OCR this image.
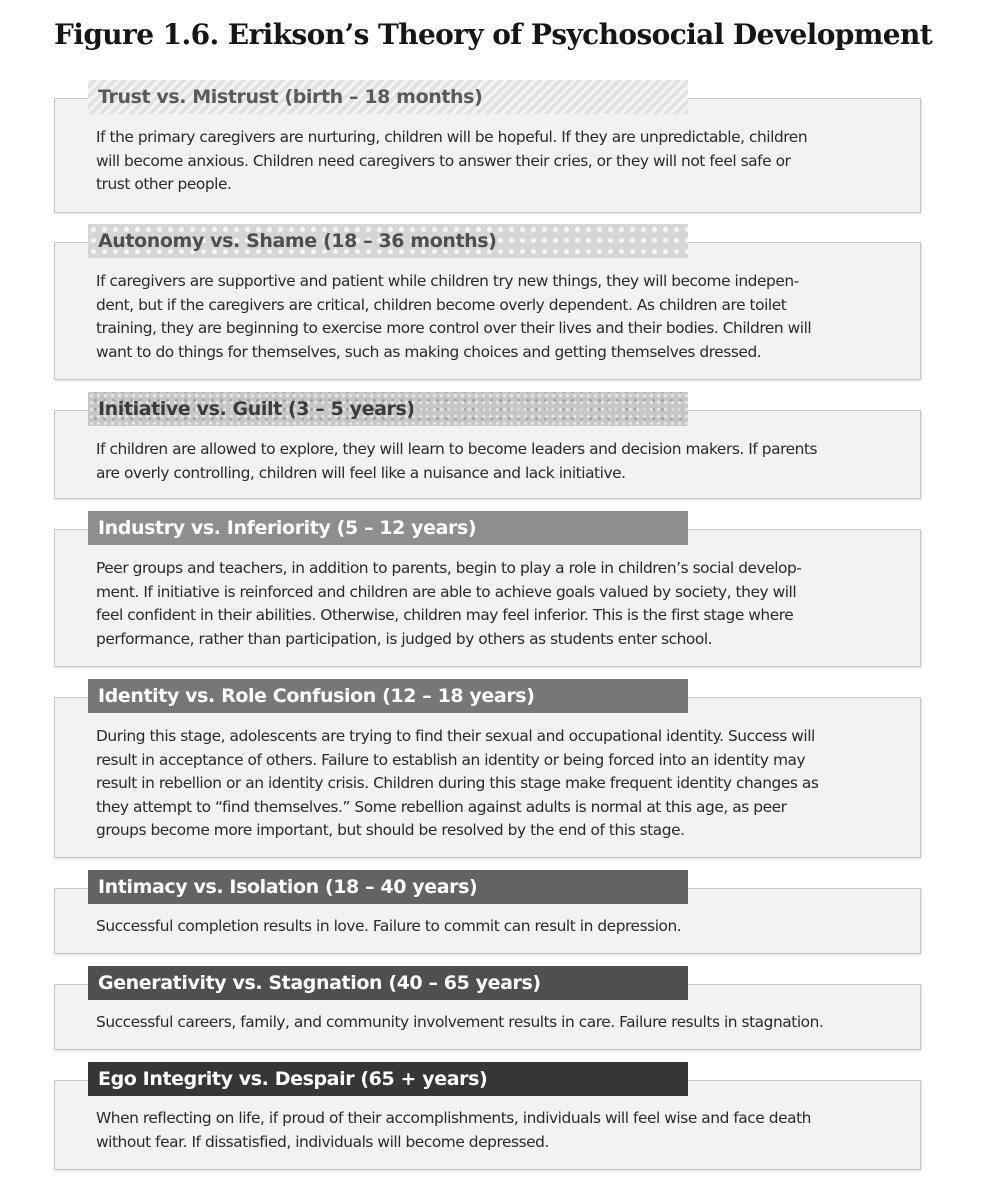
Figure 1.6. Erikson’s Theory of Psychosocial Development
Trust vs. Mistrust (birth – 18 months)
If the primary caregivers are nurturing, children will be hopeful. If they are unpredictable, children
will become anxious. Children need caregivers to answer their cries, or they will not feel safe or
trust other people.
Autonomy vs. Shame (18 – 36 months)
If caregivers are supportive and patient while children try new things, they will become indepen-
dent, but if the caregivers are critical, children become overly dependent. As children are toilet
training, they are beginning to exercise more control over their lives and their bodies. Children will
want to do things for themselves, such as making choices and getting themselves dressed.
Initiative vs. Guilt (3 – 5 years)
If children are allowed to explore, they will learn to become leaders and decision makers. If parents
are overly controlling, children will feel like a nuisance and lack initiative.
Industry vs. Inferiority (5 – 12 years)
Peer groups and teachers, in addition to parents, begin to play a role in children’s social develop-
ment. If initiative is reinforced and children are able to achieve goals valued by society, they will
feel confident in their abilities. Otherwise, children may feel inferior. This is the first stage where
performance, rather than participation, is judged by others as students enter school.
Identity vs. Role Confusion (12 – 18 years)
During this stage, adolescents are trying to find their sexual and occupational identity. Success will
result in acceptance of others. Failure to establish an identity or being forced into an identity may
result in rebellion or an identity crisis. Children during this stage make frequent identity changes as
they attempt to “find themselves.” Some rebellion against adults is normal at this age, as peer
groups become more important, but should be resolved by the end of this stage.
Intimacy vs. Isolation (18 – 40 years)
Successful completion results in love. Failure to commit can result in depression.
Generativity vs. Stagnation (40 – 65 years)
Successful careers, family, and community involvement results in care. Failure results in stagnation.
Ego Integrity vs. Despair (65 + years)
When reflecting on life, if proud of their accomplishments, individuals will feel wise and face death
without fear. If dissatisfied, individuals will become depressed.
